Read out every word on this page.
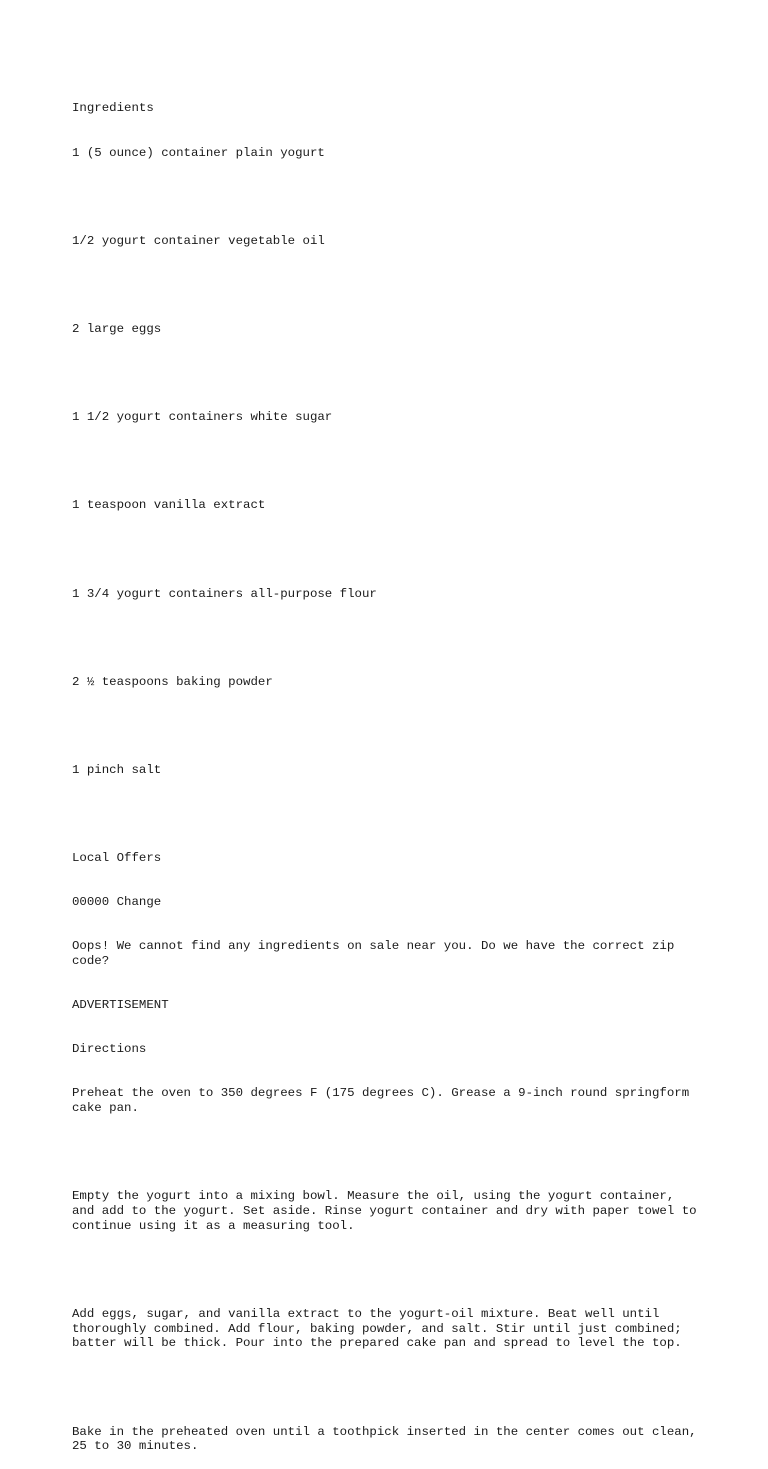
Ingredients

1 (5 ounce) container plain yogurt

1/2 yogurt container vegetable oil

2 large eggs

1 1/2 yogurt containers white sugar

1 teaspoon vanilla extract

1 3/4 yogurt containers all-purpose flour

2 ½ teaspoons baking powder

1 pinch salt

Local Offers

00000 Change

Oops! We cannot find any ingredients on sale near you. Do we have the correct zip code?

ADVERTISEMENT

Directions

Preheat the oven to 350 degrees F (175 degrees C). Grease a 9-inch round springform cake pan.

Empty the yogurt into a mixing bowl. Measure the oil, using the yogurt container, and add to the yogurt. Set aside. Rinse yogurt container and dry with paper towel to continue using it as a measuring tool.

Add eggs, sugar, and vanilla extract to the yogurt-oil mixture. Beat well until thoroughly combined. Add flour, baking powder, and salt. Stir until just combined; batter will be thick. Pour into the prepared cake pan and spread to level the top.

Bake in the preheated oven until a toothpick inserted in the center comes out clean, 25 to 30 minutes.
